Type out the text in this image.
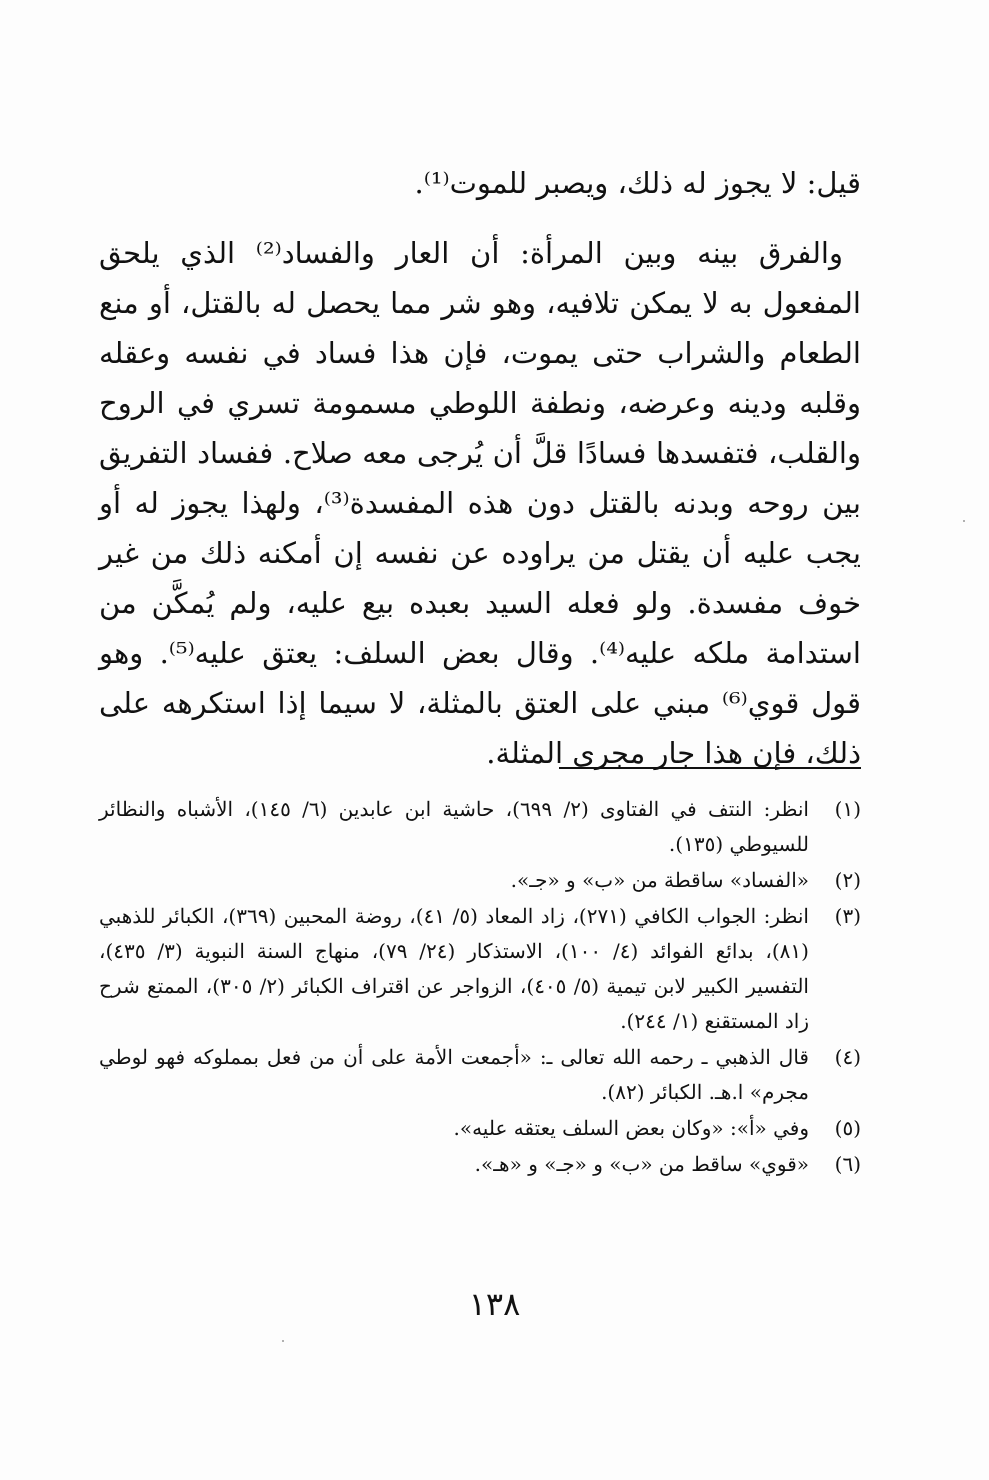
قيل: لا يجوز له ذلك، ويصبر للموت⁽¹⁾.

والفرق بينه وبين المرأة: أن العار والفساد⁽²⁾ الذي يلحق المفعول به لا يمكن تلافيه، وهو شر مما يحصل له بالقتل، أو منع الطعام والشراب حتى يموت، فإن هذا فساد في نفسه وعقله وقلبه ودينه وعرضه، ونطفة اللوطي مسمومة تسري في الروح والقلب، فتفسدها فسادًا قلَّ أن يُرجى معه صلاح. ففساد التفريق بين روحه وبدنه بالقتل دون هذه المفسدة⁽³⁾، ولهذا يجوز له أو يجب عليه أن يقتل من يراوده عن نفسه إن أمكنه ذلك من غير خوف مفسدة. ولو فعله السيد بعبده بيع عليه، ولم يُمكَّن من استدامة ملكه عليه⁽⁴⁾. وقال بعض السلف: يعتق عليه⁽⁵⁾. وهو قول قوي⁽⁶⁾ مبني على العتق بالمثلة، لا سيما إذا استكرهه على ذلك، فإن هذا جار مجرى المثلة.

(١)
انظر: النتف في الفتاوى (٢/ ٦٩٩)، حاشية ابن عابدين (٦/ ١٤٥)، الأشباه والنظائر للسيوطي (١٣٥).
(٢)
«الفساد» ساقطة من «ب» و «جـ».
(٣)
انظر: الجواب الكافي (٢٧١)، زاد المعاد (٥/ ٤١)، روضة المحبين (٣٦٩)، الكبائر للذهبي (٨١)، بدائع الفوائد (٤/ ١٠٠)، الاستذكار (٢٤/ ٧٩)، منهاج السنة النبوية (٣/ ٤٣٥)، التفسير الكبير لابن تيمية (٥/ ٤٠٥)، الزواجر عن اقتراف الكبائر (٢/ ٣٠٥)، الممتع شرح زاد المستقنع (١/ ٢٤٤).
(٤)
قال الذهبي ـ رحمه الله تعالى ـ: «أجمعت الأمة على أن من فعل بمملوكه فهو لوطي مجرم» ا.هـ. الكبائر (٨٢).
(٥)
وفي «أ»: «وكان بعض السلف يعتقه عليه».
(٦)
«قوي» ساقط من «ب» و «جـ» و «هـ».
١٣٨
